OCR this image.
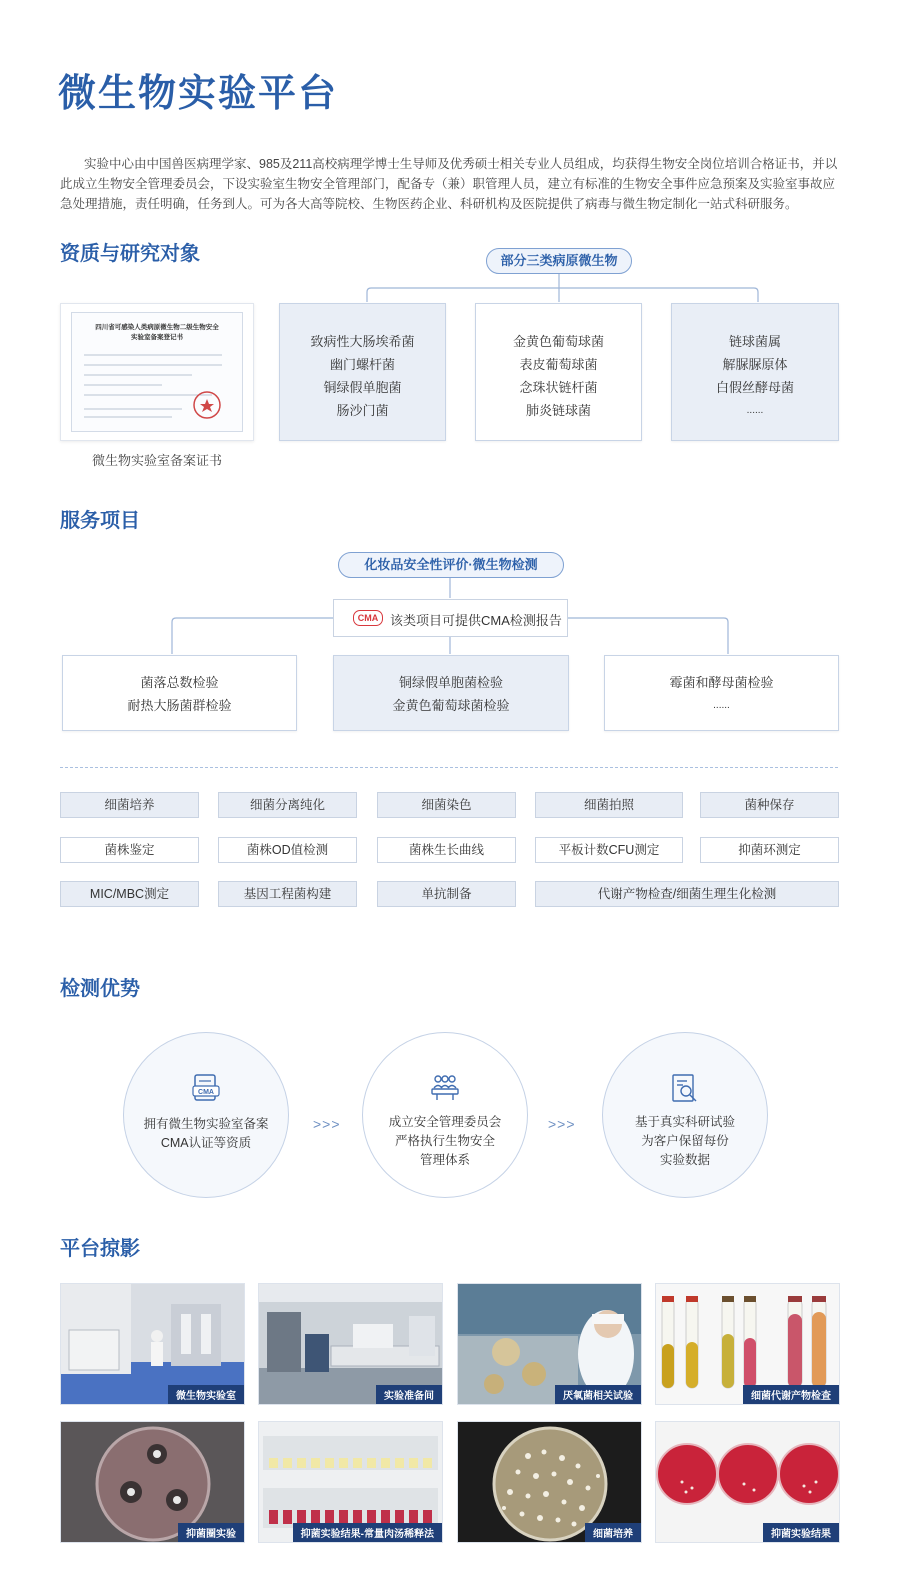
微生物实验平台
实验中心由中国兽医病理学家、985及211高校病理学博士生导师及优秀硕士相关专业人员组成，均获得生物安全岗位培训合格证书，并以此成立生物安全管理委员会，下设实验室生物安全管理部门，配备专（兼）职管理人员，建立有标准的生物安全事件应急预案及实验室事故应急处理措施，责任明确，任务到人。可为各大高等院校、生物医药企业、科研机构及医院提供了病毒与微生物定制化一站式科研服务。
资质与研究对象
四川省可感染人类病原微生物二级生物安全
实验室备案登记书
微生物实验室备案证书
部分三类病原微生物
致病性大肠埃希菌
幽门螺杆菌
铜绿假单胞菌
肠沙门菌
金黄色葡萄球菌
表皮葡萄球菌
念珠状链杆菌
肺炎链球菌
链球菌属
解脲脲原体
白假丝酵母菌
......
服务项目
化妆品安全性评价·微生物检测
CMA 该类项目可提供CMA检测报告
菌落总数检验
耐热大肠菌群检验
铜绿假单胞菌检验
金黄色葡萄球菌检验
霉菌和酵母菌检验
......
细菌培养	细菌分离纯化	细菌染色	细菌拍照	菌种保存
菌株鉴定	菌株OD值检测	菌株生长曲线	平板计数CFU测定	抑菌环测定
MIC/MBC测定	基因工程菌构建	单抗制备	代谢产物检查/细菌生理生化检测
检测优势
CMA
拥有微生物实验室备案
CMA认证等资质
>>>	成立安全管理委员会
严格执行生物安全
管理体系
>>>	基于真实科研试验
为客户保留每份
实验数据
平台掠影
微生物实验室	实验准备间	厌氧菌相关试验	细菌代谢产物检查
抑菌圈实验	抑菌实验结果-常量肉汤稀释法	细菌培养	抑菌实验结果
